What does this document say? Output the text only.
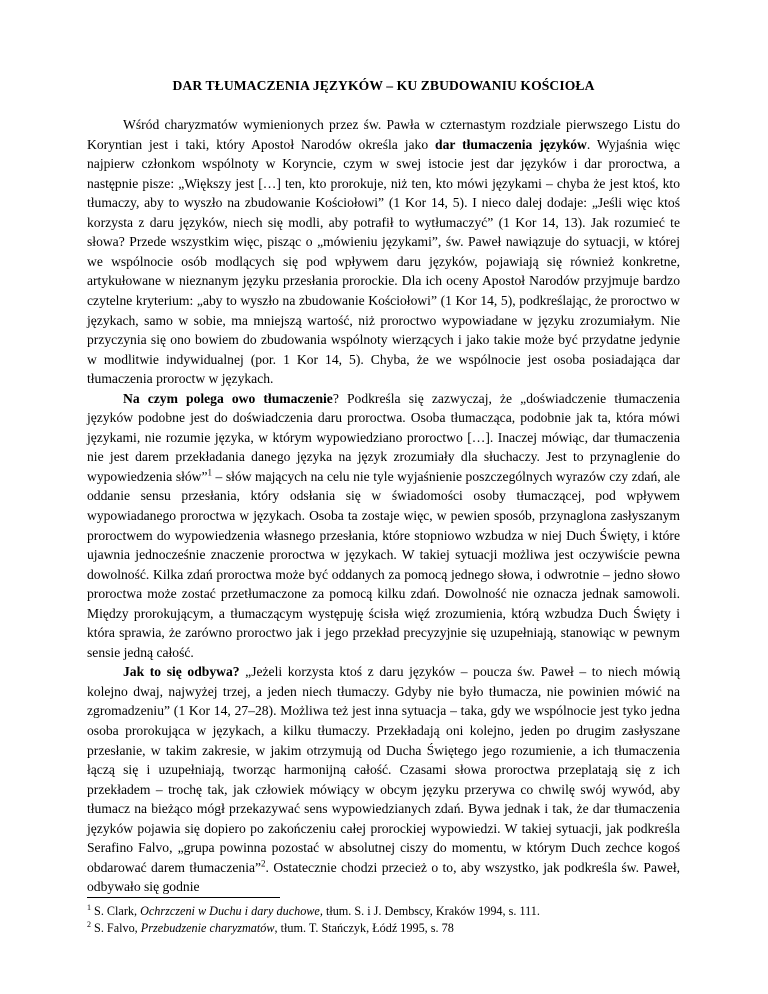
DAR TŁUMACZENIA JĘZYKÓW – KU ZBUDOWANIU KOŚCIOŁA

Wśród charyzmatów wymienionych przez św. Pawła w czternastym rozdziale pierwszego Listu do Koryntian jest i taki, który Apostoł Narodów określa jako dar tłumaczenia języków. Wyjaśnia więc najpierw członkom wspólnoty w Koryncie, czym w swej istocie jest dar języków i dar proroctwa, a następnie pisze: „Większy jest […] ten, kto prorokuje, niż ten, kto mówi językami – chyba że jest ktoś, kto tłumaczy, aby to wyszło na zbudowanie Kościołowi” (1 Kor 14, 5). I nieco dalej dodaje: „Jeśli więc ktoś korzysta z daru języków, niech się modli, aby potrafił to wytłumaczyć” (1 Kor 14, 13). Jak rozumieć te słowa? Przede wszystkim więc, pisząc o „mówieniu językami”, św. Paweł nawiązuje do sytuacji, w której we wspólnocie osób modlących się pod wpływem daru języków, pojawiają się również konkretne, artykułowane w nieznanym języku przesłania prorockie. Dla ich oceny Apostoł Narodów przyjmuje bardzo czytelne kryterium: „aby to wyszło na zbudowanie Kościołowi” (1 Kor 14, 5), podkreślając, że proroctwo w językach, samo w sobie, ma mniejszą wartość, niż proroctwo wypowiadane w języku zrozumiałym. Nie przyczynia się ono bowiem do zbudowania wspólnoty wierzących i jako takie może być przydatne jedynie w modlitwie indywidualnej (por. 1 Kor 14, 5). Chyba, że we wspólnocie jest osoba posiadająca dar tłumaczenia proroctw w językach.

Na czym polega owo tłumaczenie? Podkreśla się zazwyczaj, że „doświadczenie tłumaczenia języków podobne jest do doświadczenia daru proroctwa. Osoba tłumacząca, podobnie jak ta, która mówi językami, nie rozumie języka, w którym wypowiedziano proroctwo […]. Inaczej mówiąc, dar tłumaczenia nie jest darem przekładania danego języka na język zrozumiały dla słuchaczy. Jest to przynaglenie do wypowiedzenia słów”$^1$ – słów mających na celu nie tyle wyjaśnienie poszczególnych wyrazów czy zdań, ale oddanie sensu przesłania, który odsłania się w świadomości osoby tłumaczącej, pod wpływem wypowiadanego proroctwa w językach. Osoba ta zostaje więc, w pewien sposób, przynaglona zasłyszanym proroctwem do wypowiedzenia własnego przesłania, które stopniowo wzbudza w niej Duch Święty, i które ujawnia jednocześnie znaczenie proroctwa w językach. W takiej sytuacji możliwa jest oczywiście pewna dowolność. Kilka zdań proroctwa może być oddanych za pomocą jednego słowa, i odwrotnie – jedno słowo proroctwa może zostać przetłumaczone za pomocą kilku zdań. Dowolność nie oznacza jednak samowoli. Między prorokującym, a tłumaczącym występuję ścisła więź zrozumienia, którą wzbudza Duch Święty i która sprawia, że zarówno proroctwo jak i jego przekład precyzyjnie się uzupełniają, stanowiąc w pewnym sensie jedną całość.

Jak to się odbywa? „Jeżeli korzysta ktoś z daru języków – poucza św. Paweł – to niech mówią kolejno dwaj, najwyżej trzej, a jeden niech tłumaczy. Gdyby nie było tłumacza, nie powinien mówić na zgromadzeniu” (1 Kor 14, 27–28). Możliwa też jest inna sytuacja – taka, gdy we wspólnocie jest tyko jedna osoba prorokująca w językach, a kilku tłumaczy. Przekładają oni kolejno, jeden po drugim zasłyszane przesłanie, w takim zakresie, w jakim otrzymują od Ducha Świętego jego rozumienie, a ich tłumaczenia łączą się i uzupełniają, tworząc harmonijną całość. Czasami słowa proroctwa przeplatają się z ich przekładem – trochę tak, jak człowiek mówiący w obcym języku przerywa co chwilę swój wywód, aby tłumacz na bieżąco mógł przekazywać sens wypowiedzianych zdań. Bywa jednak i tak, że dar tłumaczenia języków pojawia się dopiero po zakończeniu całej prorockiej wypowiedzi. W takiej sytuacji, jak podkreśla Serafino Falvo, „grupa powinna pozostać w absolutnej ciszy do momentu, w którym Duch zechce kogoś obdarować darem tłumaczenia”$^2$. Ostatecznie chodzi przecież o to, aby wszystko, jak podkreśla św. Paweł, odbywało się godnie

$^1$ S. Clark, Ochrzczeni w Duchu i dary duchowe, tłum. S. i J. Dembscy, Kraków 1994, s. 111.

$^2$ S. Falvo, Przebudzenie charyzmatów, tłum. T. Stańczyk, Łódź 1995, s. 78
